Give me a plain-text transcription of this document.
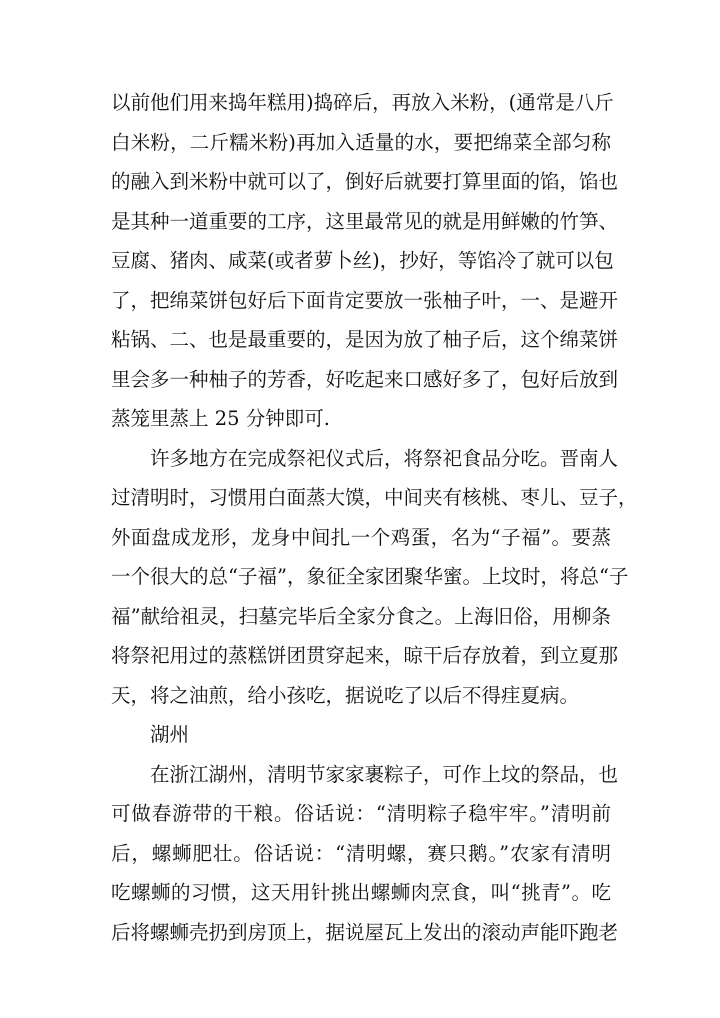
以前他们用来捣年糕用)捣碎后，再放入米粉，(通常是八斤
白米粉，二斤糯米粉)再加入适量的水，要把绵菜全部匀称
的融入到米粉中就可以了，倒好后就要打算里面的馅，馅也
是其种一道重要的工序，这里最常见的就是用鲜嫩的竹笋、
豆腐、猪肉、咸菜(或者萝卜丝)，抄好，等馅冷了就可以包
了，把绵菜饼包好后下面肯定要放一张柚子叶，一、是避开
粘锅、二、也是最重要的，是因为放了柚子后，这个绵菜饼
里会多一种柚子的芳香，好吃起来口感好多了，包好后放到
蒸笼里蒸上 25 分钟即可.
许多地方在完成祭祀仪式后，将祭祀食品分吃。晋南人
过清明时，习惯用白面蒸大馍，中间夹有核桃、枣儿、豆子，
外面盘成龙形，龙身中间扎一个鸡蛋，名为“子福”。要蒸
一个很大的总“子福”，象征全家团聚华蜜。上坟时，将总“子
福”献给祖灵，扫墓完毕后全家分食之。上海旧俗，用柳条
将祭祀用过的蒸糕饼团贯穿起来，晾干后存放着，到立夏那
天，将之油煎，给小孩吃，据说吃了以后不得疰夏病。
湖州
在浙江湖州，清明节家家裹粽子，可作上坟的祭品，也
可做春游带的干粮。俗话说：“清明粽子稳牢牢。”清明前
后，螺蛳肥壮。俗话说：“清明螺，赛只鹅。”农家有清明
吃螺蛳的习惯，这天用针挑出螺蛳肉烹食，叫“挑青”。吃
后将螺蛳壳扔到房顶上，据说屋瓦上发出的滚动声能吓跑老
